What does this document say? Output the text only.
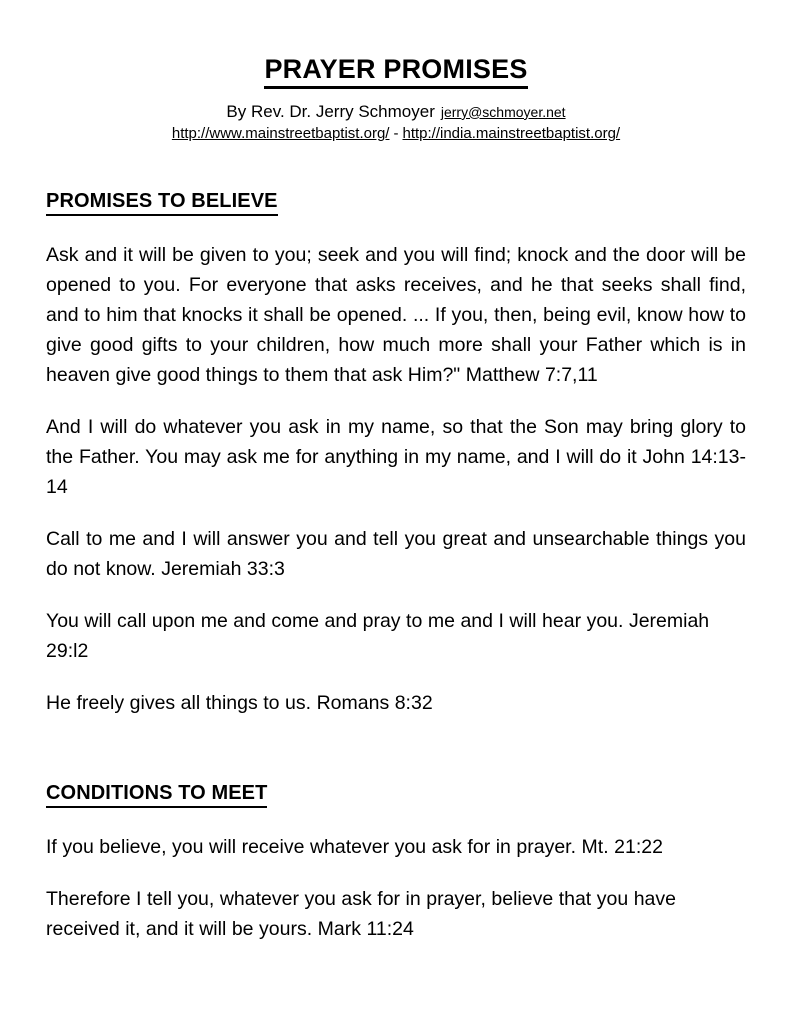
PRAYER PROMISES
By Rev. Dr. Jerry Schmoyer jerry@schmoyer.net
http://www.mainstreetbaptist.org/ - http://india.mainstreetbaptist.org/
PROMISES TO BELIEVE

Ask and it will be given to you; seek and you will find; knock and the door will be opened to you. For everyone that asks receives, and he that seeks shall find, and to him that knocks it shall be opened. ... If you, then, being evil, know how to give good gifts to your children, how much more shall your Father which is in heaven give good things to them that ask Him?" Matthew 7:7,11

And I will do whatever you ask in my name, so that the Son may bring glory to the Father. You may ask me for anything in my name, and I will do it John 14:13-14

Call to me and I will answer you and tell you great and unsearchable things you do not know. Jeremiah 33:3

You will call upon me and come and pray to me and I will hear you. Jeremiah 29:l2

He freely gives all things to us. Romans 8:32

CONDITIONS TO MEET

If you believe, you will receive whatever you ask for in prayer. Mt. 21:22

Therefore I tell you, whatever you ask for in prayer, believe that you have received it, and it will be yours. Mark 11:24
